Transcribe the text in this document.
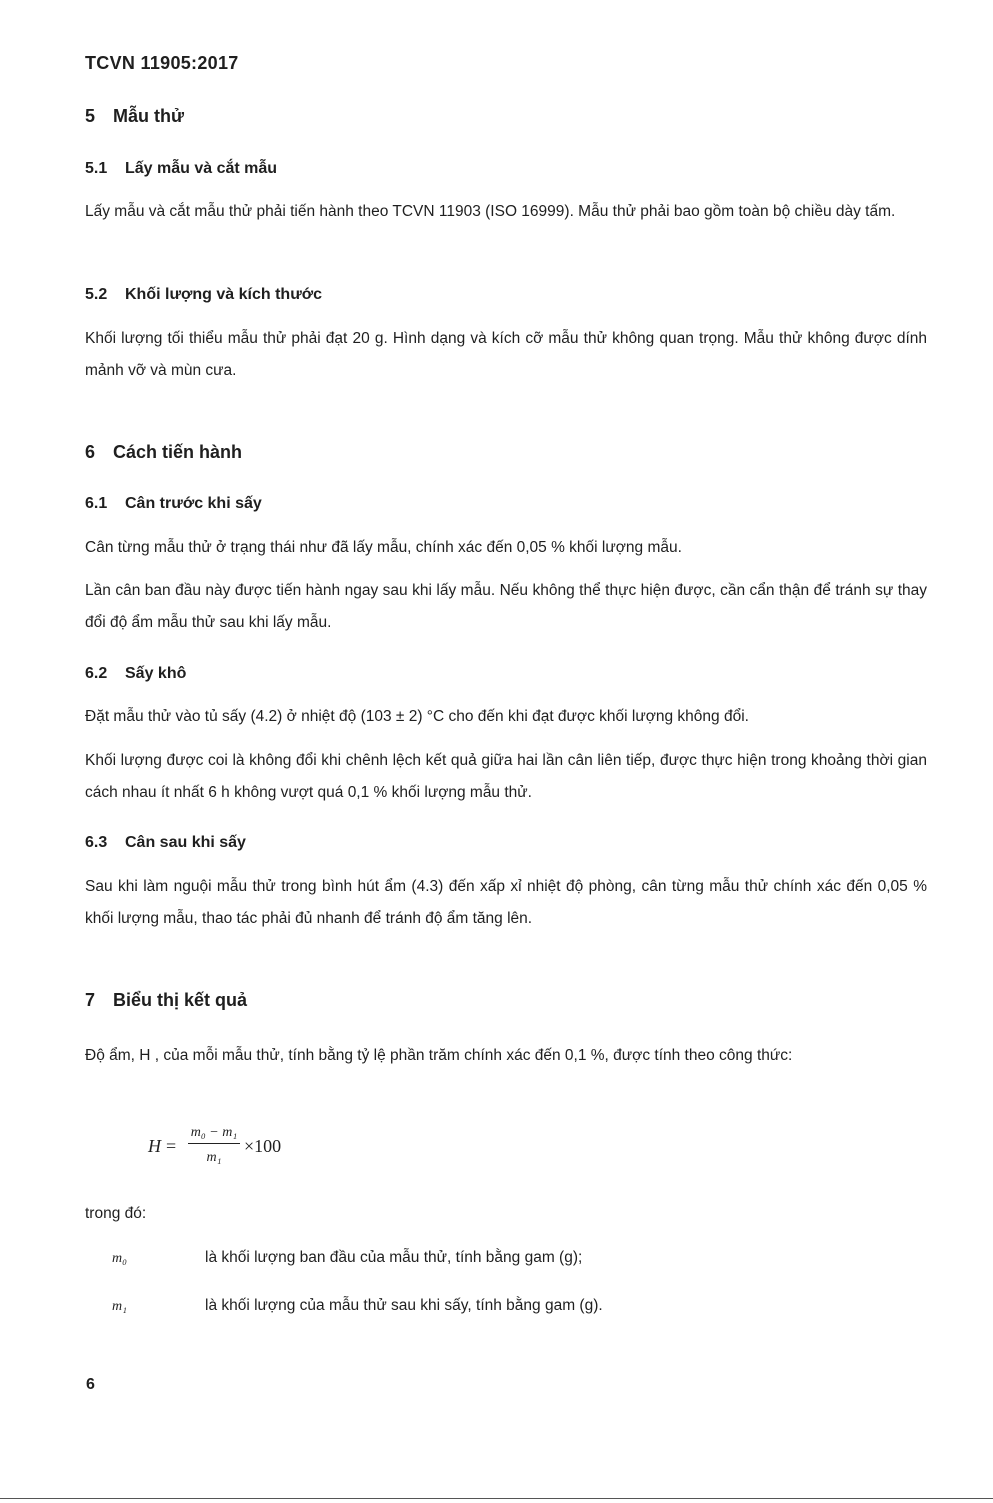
TCVN 11905:2017
5 Mẫu thử
5.1 Lấy mẫu và cắt mẫu

Lấy mẫu và cắt mẫu thử phải tiến hành theo TCVN 11903 (ISO 16999). Mẫu thử phải bao gồm toàn bộ chiều dày tấm.

5.2 Khối lượng và kích thước

Khối lượng tối thiểu mẫu thử phải đạt 20 g. Hình dạng và kích cỡ mẫu thử không quan trọng. Mẫu thử không được dính mảnh vỡ và mùn cưa.

6 Cách tiến hành
6.1 Cân trước khi sấy

Cân từng mẫu thử ở trạng thái như đã lấy mẫu, chính xác đến 0,05 % khối lượng mẫu.

Lần cân ban đầu này được tiến hành ngay sau khi lấy mẫu. Nếu không thể thực hiện được, cần cẩn thận để tránh sự thay đổi độ ẩm mẫu thử sau khi lấy mẫu.

6.2 Sấy khô

Đặt mẫu thử vào tủ sấy (4.2) ở nhiệt độ (103 ± 2) °C cho đến khi đạt được khối lượng không đổi.

Khối lượng được coi là không đổi khi chênh lệch kết quả giữa hai lần cân liên tiếp, được thực hiện trong khoảng thời gian cách nhau ít nhất 6 h không vượt quá 0,1 % khối lượng mẫu thử.

6.3 Cân sau khi sấy

Sau khi làm nguội mẫu thử trong bình hút ẩm (4.3) đến xấp xỉ nhiệt độ phòng, cân từng mẫu thử chính xác đến 0,05 % khối lượng mẫu, thao tác phải đủ nhanh để tránh độ ẩm tăng lên.

7 Biểu thị kết quả

Độ ẩm, H , của mỗi mẫu thử, tính bằng tỷ lệ phần trăm chính xác đến 0,1 %, được tính theo công thức:

$H = \frac{\text{m₀ − m₁}}{\text{m₁}} \times 100$
trong đó:
m₀	là khối lượng ban đầu của mẫu thử, tính bằng gam (g);
m₁	là khối lượng của mẫu thử sau khi sấy, tính bằng gam (g).
6
